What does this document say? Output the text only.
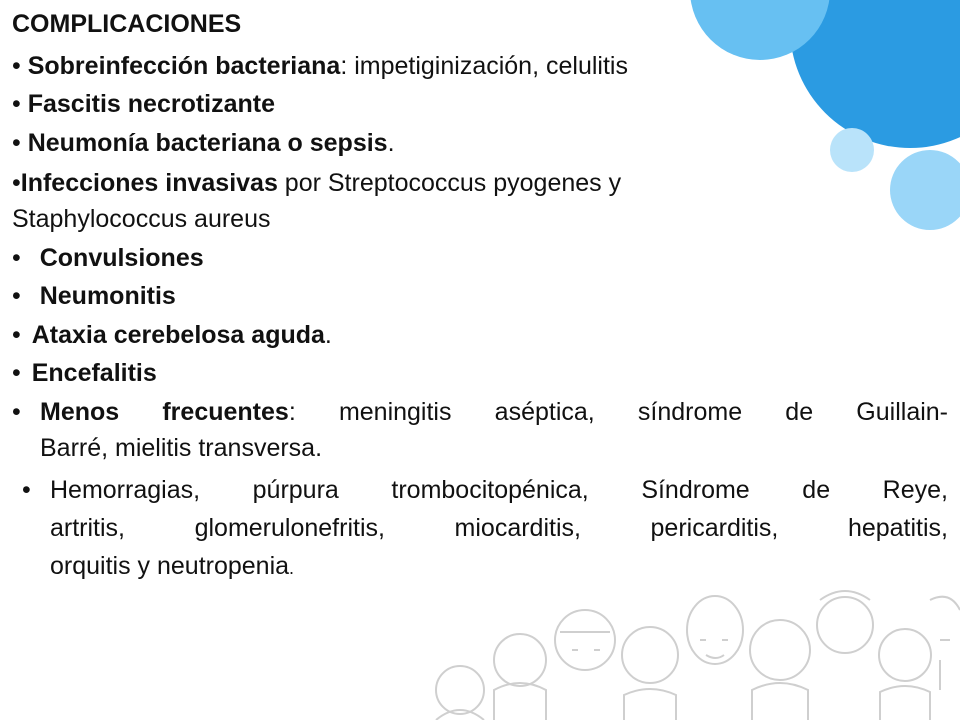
COMPLICACIONES
• Sobreinfección bacteriana: impetiginización, celulitis
• Fascitis necrotizante
• Neumonía bacteriana o sepsis.
•Infecciones invasivas por Streptococcus pyogenes y
Staphylococcus aureus
• Convulsiones
• Neumonitis
• Ataxia cerebelosa aguda.
• Encefalitis
• Menos frecuentes: meningitis aséptica, síndrome de Guillain-
Barré, mielitis transversa.
• Hemorragias, púrpura trombocitopénica, Síndrome de Reye,
artritis, glomerulonefritis, miocarditis, pericarditis, hepatitis,
orquitis y neutropenia.
